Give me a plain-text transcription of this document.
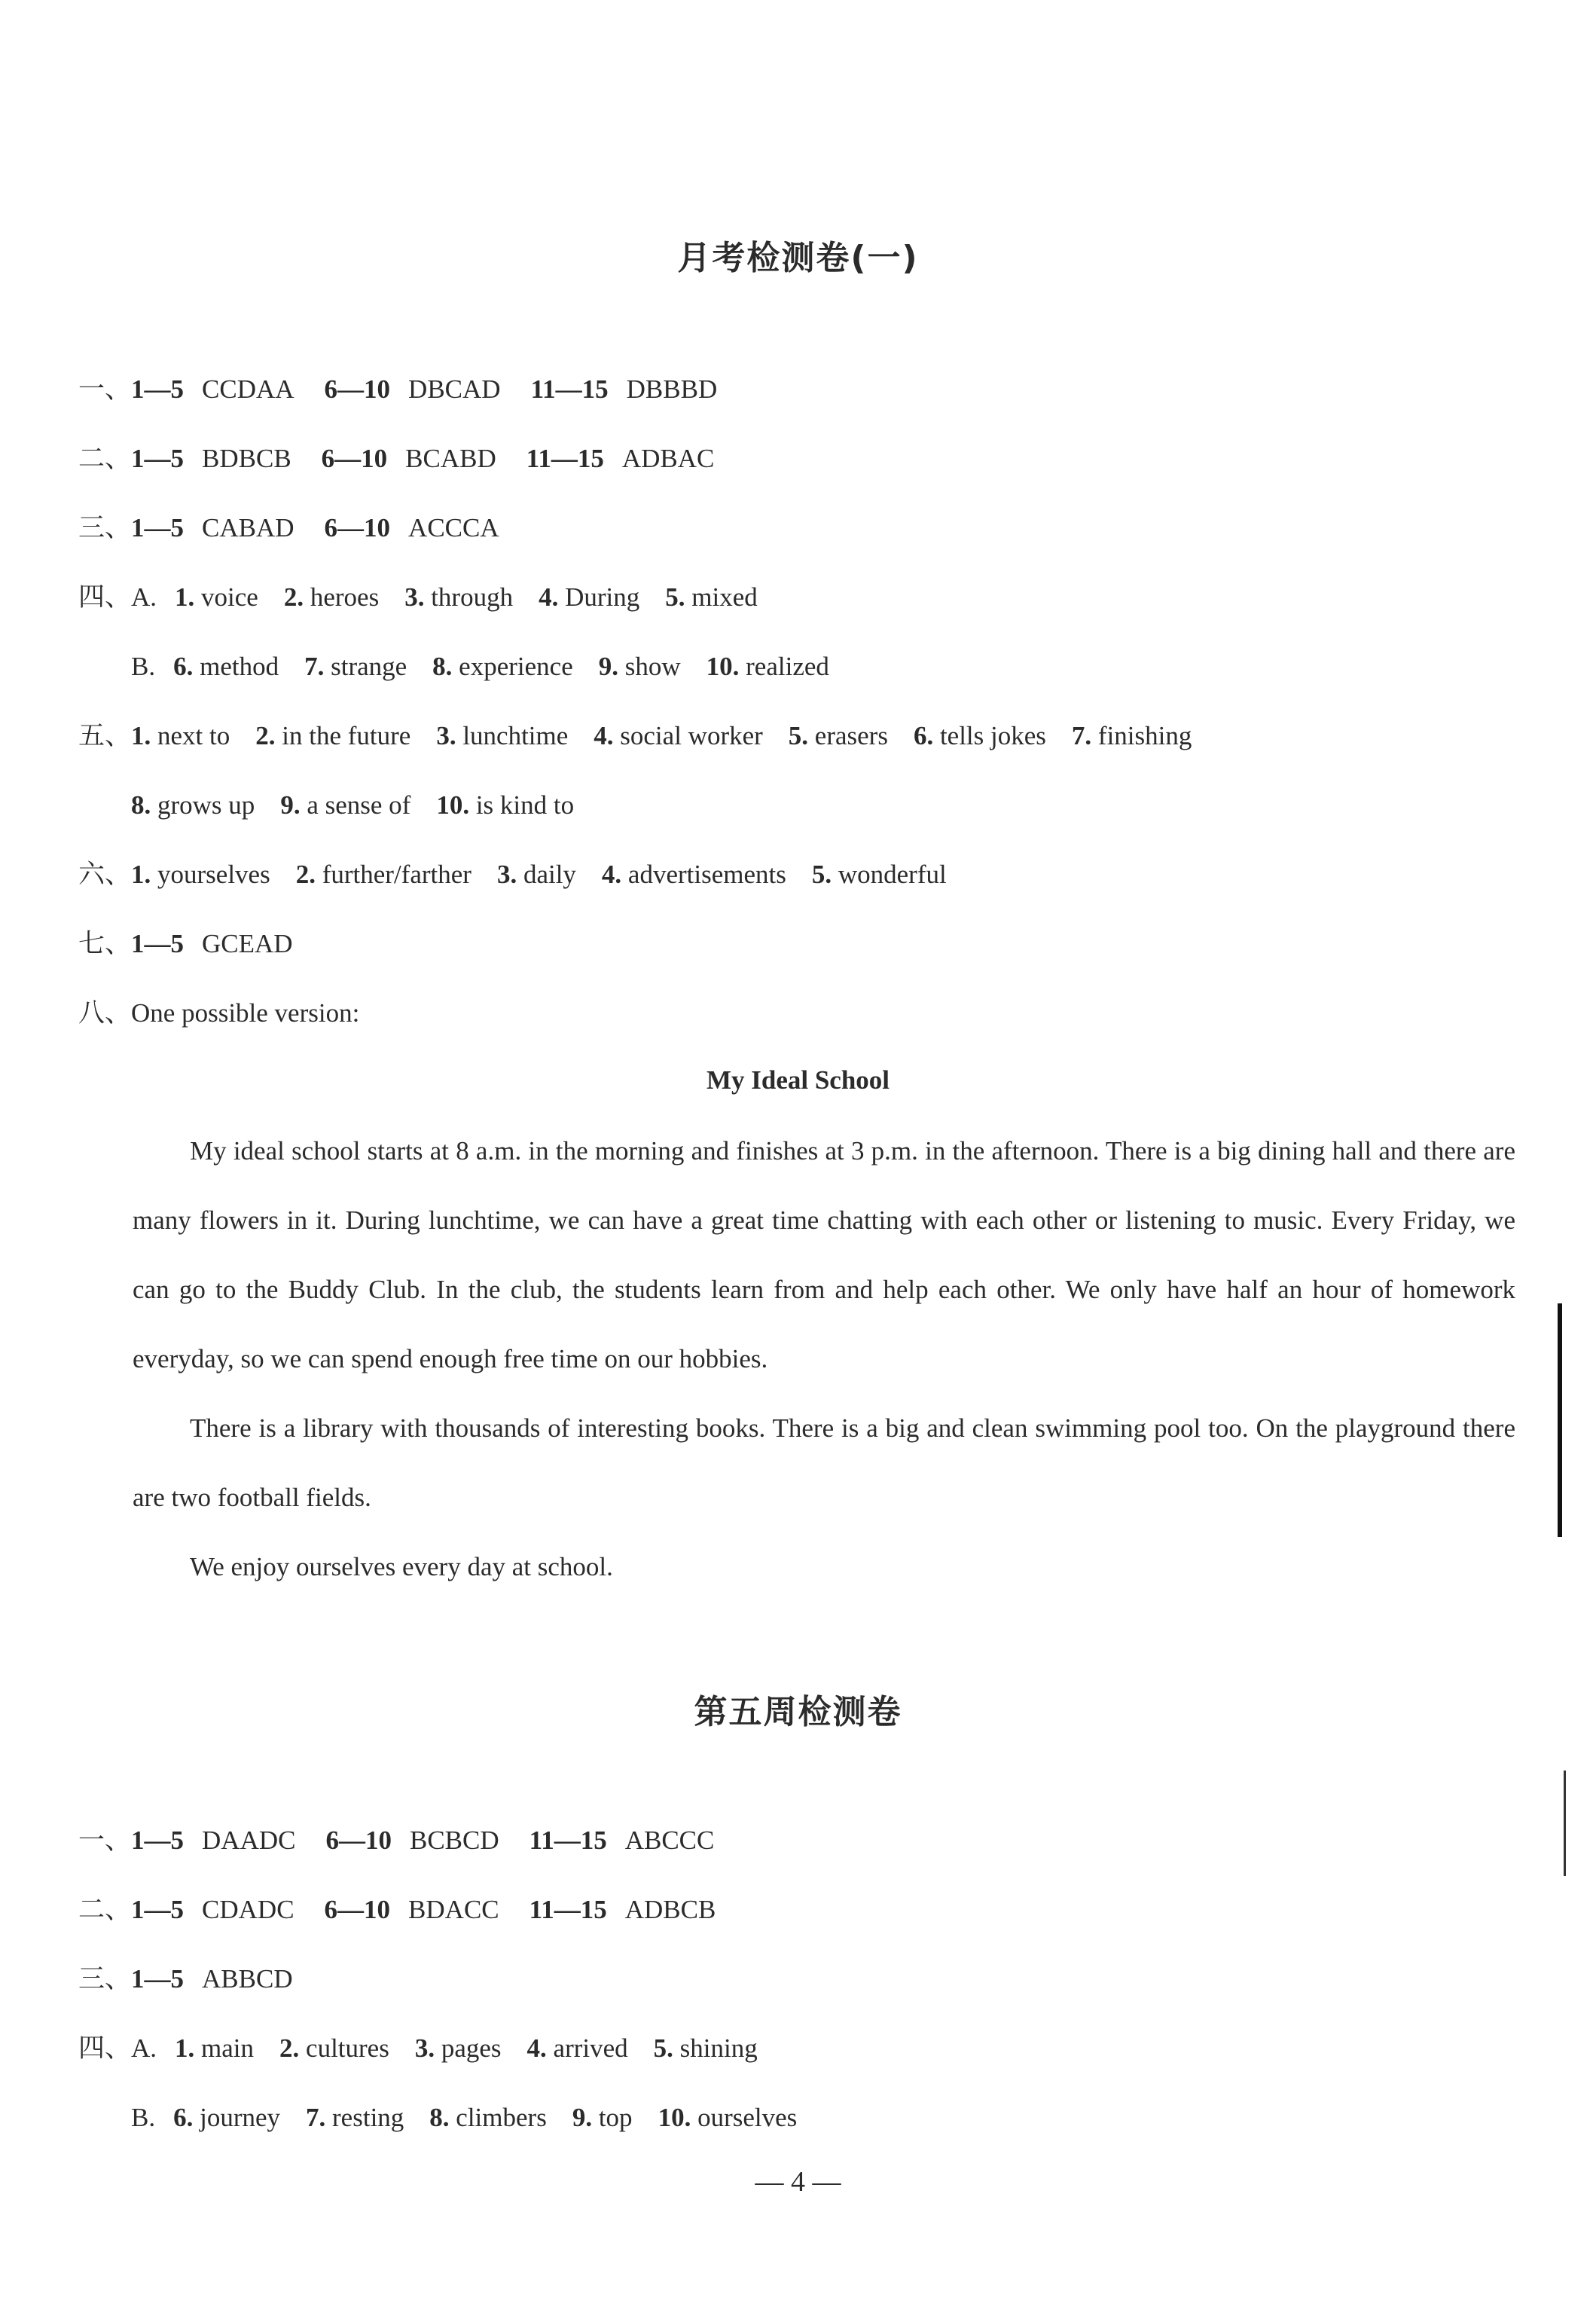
月考检测卷(一)
一、1—5 CCDAA 6—10 DBCAD 11—15 DBBBD
二、1—5 BDBCB 6—10 BCABD 11—15 ADBAC
三、1—5 CABAD 6—10 ACCCA
四、A. 1. voice 2. heroes 3. through 4. During 5. mixed
B. 6. method 7. strange 8. experience 9. show 10. realized
五、1. next to 2. in the future 3. lunchtime 4. social worker 5. erasers 6. tells jokes 7. finishing
8. grows up 9. a sense of 10. is kind to
六、1. yourselves 2. further/farther 3. daily 4. advertisements 5. wonderful
七、1—5 GCEAD
八、One possible version:
My Ideal School
My ideal school starts at 8 a.m. in the morning and finishes at 3 p.m. in the afternoon. There is a big dining hall and there are many flowers in it. During lunchtime, we can have a great time chatting with each other or listening to music. Every Friday, we can go to the Buddy Club. In the club, the students learn from and help each other. We only have half an hour of homework everyday, so we can spend enough free time on our hobbies.
There is a library with thousands of interesting books. There is a big and clean swimming pool too. On the playground there are two football fields.
We enjoy ourselves every day at school.
第五周检测卷
一、1—5 DAADC 6—10 BCBCD 11—15 ABCCC
二、1—5 CDADC 6—10 BDACC 11—15 ADBCB
三、1—5 ABBCD
四、A. 1. main 2. cultures 3. pages 4. arrived 5. shining
B. 6. journey 7. resting 8. climbers 9. top 10. ourselves
— 4 —
